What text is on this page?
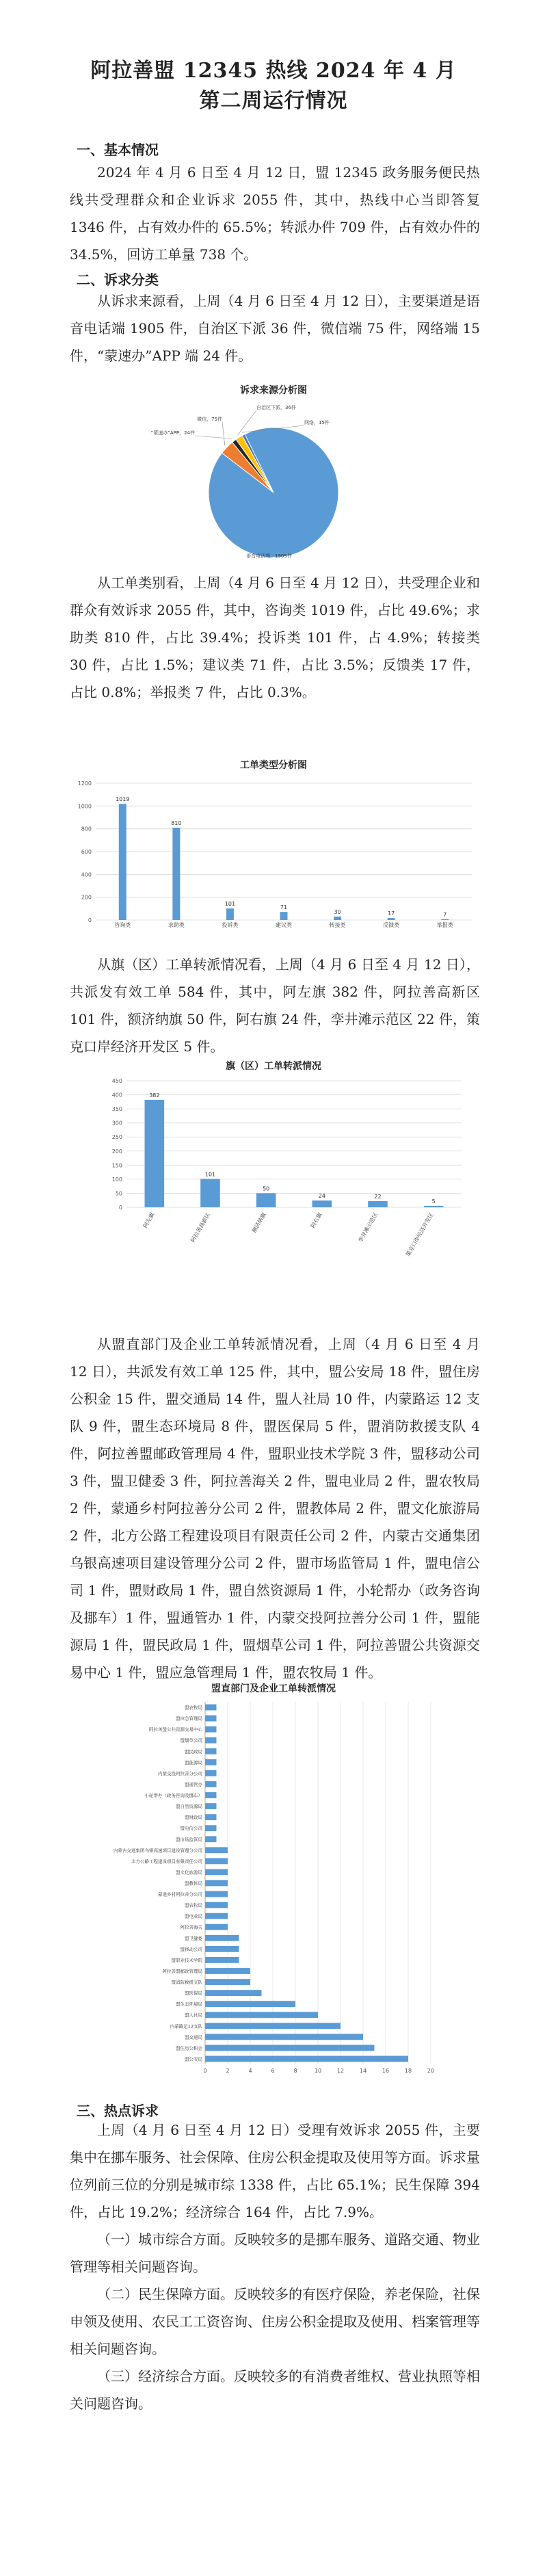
阿拉善盟 12345 热线 2024 年 4 月
第二周运行情况
一、基本情况

2024 年 4 月 6 日至 4 月 12 日，盟 12345 政务服务便民热线共受理群众和企业诉求 2055 件，其中，热线中心当即答复 1346 件，占有效办件的 65.5%；转派办件 709 件，占有效办件的 34.5%，回访工单量 738 个。

二、诉求分类

从诉求来源看，上周（4 月 6 日至 4 月 12 日），主要渠道是语音电话端 1905 件，自治区下派 36 件，微信端 75 件，网络端 15 件，“蒙速办”APP 端 24 件。

诉求来源分析图
语音电话端，1905件
微信，75件
“蒙速办”APP，24件
自治区下派，36件
网络，15件

从工单类别看，上周（4 月 6 日至 4 月 12 日），共受理企业和群众有效诉求 2055 件，其中，咨询类 1019 件，占比 49.6%；求助类 810 件，占比 39.4%；投诉类 101 件，占 4.9%；转接类 30 件，占比 1.5%；建议类 71 件，占比 3.5%；反馈类 17 件，占比 0.8%；举报类 7 件，占比 0.3%。

工单类型分析图
0
200
400
600
800
1000
1200
1019
咨询类
810
求助类
101
投诉类
71
建议类
30
转接类
17
反馈类
7
举报类

从旗（区）工单转派情况看，上周（4 月 6 日至 4 月 12 日），共派发有效工单 584 件，其中，阿左旗 382 件，阿拉善高新区 101 件，额济纳旗 50 件，阿右旗 24 件，孪井滩示范区 22 件，策克口岸经济开发区 5 件。

旗（区）工单转派情况
0
50
100
150
200
250
300
350
400
450
382
阿左旗
101
阿拉善高新区
50
额济纳旗
24
阿右旗
22
孪井滩示范区
5
策克口岸经济开发区

从盟直部门及企业工单转派情况看，上周（4 月 6 日至 4 月 12 日），共派发有效工单 125 件，其中，盟公安局 18 件，盟住房公积金 15 件，盟交通局 14 件，盟人社局 10 件，内蒙路运 12 支队 9 件，盟生态环境局 8 件，盟医保局 5 件，盟消防救援支队 4 件，阿拉善盟邮政管理局 4 件，盟职业技术学院 3 件，盟移动公司 3 件，盟卫健委 3 件，阿拉善海关 2 件，盟电业局 2 件，盟农牧局 2 件，蒙通乡村阿拉善分公司 2 件，盟教体局 2 件，盟文化旅游局 2 件，北方公路工程建设项目有限责任公司 2 件，内蒙古交通集团乌银高速项目建设管理分公司 2 件，盟市场监管局 1 件，盟电信公司 1 件，盟财政局 1 件，盟自然资源局 1 件，小轮帮办（政务咨询及挪车）1 件，盟通管办 1 件，内蒙交投阿拉善分公司 1 件，盟能源局 1 件，盟民政局 1 件，盟烟草公司 1 件，阿拉善盟公共资源交易中心 1 件，盟应急管理局 1 件，盟农牧局 1 件。

盟直部门及企业工单转派情况
0	2	4	6	8	10	12	14	16	18	20
盟公安局
盟住房公积金
盟交通局
内蒙路运12支队
盟人社局
盟生态环境局
盟医保局
盟消防救援支队
阿拉善盟邮政管理局
盟职业技术学院
盟移动公司
盟卫健委
阿拉善海关
盟电业局
盟农牧局
蒙通乡村阿拉善分公司
盟教体局
盟文化旅游局
北方公路工程建设项目有限责任公司
内蒙古交通集团乌银高速项目建设管理分公司
盟市场监管局
盟电信公司
盟财政局
盟自然资源局
小轮帮办（政务咨询及挪车）
盟通管办
内蒙交投阿拉善分公司
盟能源局
盟民政局
盟烟草公司
阿拉善盟公共资源交易中心
盟应急管理局
盟农牧局
三、热点诉求

上周（4 月 6 日至 4 月 12 日）受理有效诉求 2055 件，主要集中在挪车服务、社会保障、住房公积金提取及使用等方面。诉求量位列前三位的分别是城市综 1338 件，占比 65.1%；民生保障 394 件，占比 19.2%；经济综合 164 件，占比 7.9%。

（一）城市综合方面。反映较多的是挪车服务、道路交通、物业管理等相关问题咨询。

（二）民生保障方面。反映较多的有医疗保险，养老保险，社保申领及使用、农民工工资咨询、住房公积金提取及使用、档案管理等相关问题咨询。

（三）经济综合方面。反映较多的有消费者维权、营业执照等相关问题咨询。
